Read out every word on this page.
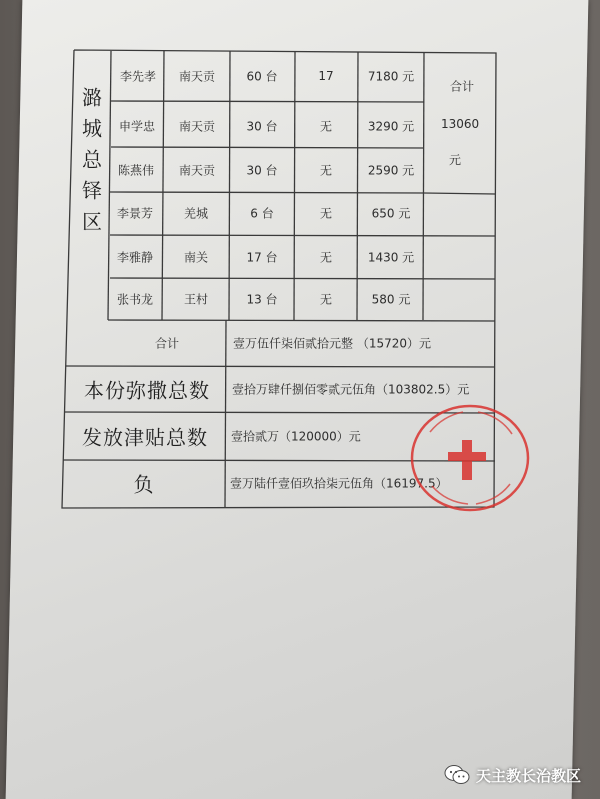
潞城总铎区
李先孝 南天贡	60 台	17	7180 元
申学忠 南天贡	30 台	无	3290 元
陈燕伟 南天贡	30 台	无	2590 元
李景芳	羌城	6 台	无	650 元
李雅静	南关	17 台	无	1430 元
张书龙	王村	13 台	无	580 元
合计
13060
元
合计	壹万伍仟柒佰贰拾元整 （15720）元
本份弥撒总数 壹拾万肆仟捌佰零贰元伍角（103802.5）元
发放津贴总数 壹拾贰万（120000）元
负	壹万陆仟壹佰玖拾柒元伍角（16197.5）
天主教长治教区
